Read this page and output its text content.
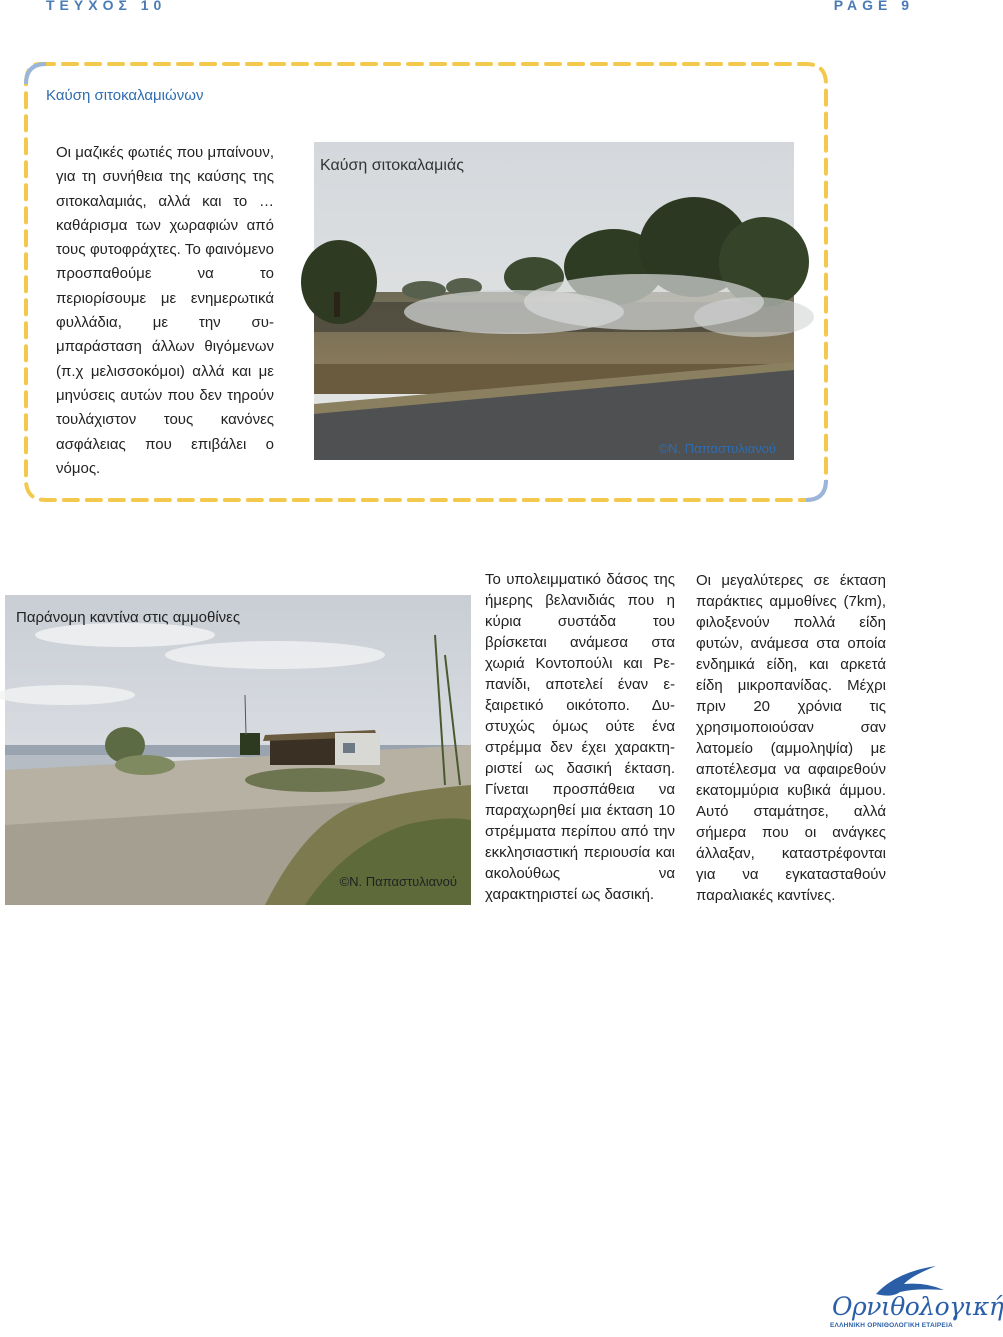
ΤΕΥΧΟΣ 10	PAGE 9
Καύση σιτοκαλαμιώνων
Οι μαζικές φωτιές που μπαίνουν, για τη συνήθεια της καύσης της σιτοκαλαμιάς, αλλά και το …καθάρισμα των χωραφιών από τους φυτοφράχτες. Το φαινόμενο προσπαθούμε να το περιορίσουμε με ενημερωτικά φυλλάδια, με την συμπαράσταση άλλων θιγόμενων (π.χ μελισσοκόμοι) αλλά και με μηνύσεις αυτών που δεν τηρούν τουλάχιστον τους κανόνες ασφάλειας που επιβάλει ο νόμος.
©Ν. Παπαστυλιανού
Καύση σιτοκαλαμιάς
©Ν. Παπαστυλιανού
Παράνομη καντίνα στις αμμοθίνες
Το υπολειμματικό δάσος της ήμερης βελανιδιάς που η κύρια συστάδα του βρίσκεται ανάμεσα στα χωριά Κοντοπούλι και Ρεπανίδι, αποτελεί έναν εξαιρετικό οικότοπο. Δυστυχώς όμως ούτε ένα στρέμμα δεν έχει χαρακτηριστεί ως δασική έκταση. Γίνεται προσπάθεια να παραχωρηθεί μια έκταση 10 στρέμματα περίπου από την εκκλησιαστική περιουσία και ακολούθως να χαρακτηριστεί ως δασική.
Οι μεγαλύτερες σε έκταση παράκτιες αμμοθίνες (7km), φιλοξενούν πολλά είδη φυτών, ανάμεσα στα οποία ενδημικά είδη, και αρκετά είδη μικροπανίδας. Μέχρι πριν 20 χρόνια τις χρησιμοποιούσαν σαν λατομείο (αμμοληψία) με αποτέλεσμα να αφαιρεθούν εκατομμύρια κυβικά άμμου. Αυτό σταμάτησε, αλλά σήμερα που οι ανάγκες άλλαξαν, καταστρέφονται για να εγκατασταθούν παραλιακές καντίνες.
Ορνιθολογική
ΕΛΛΗΝΙΚΗ ΟΡΝΙΘΟΛΟΓΙΚΗ ΕΤΑΙΡΕΙΑ
